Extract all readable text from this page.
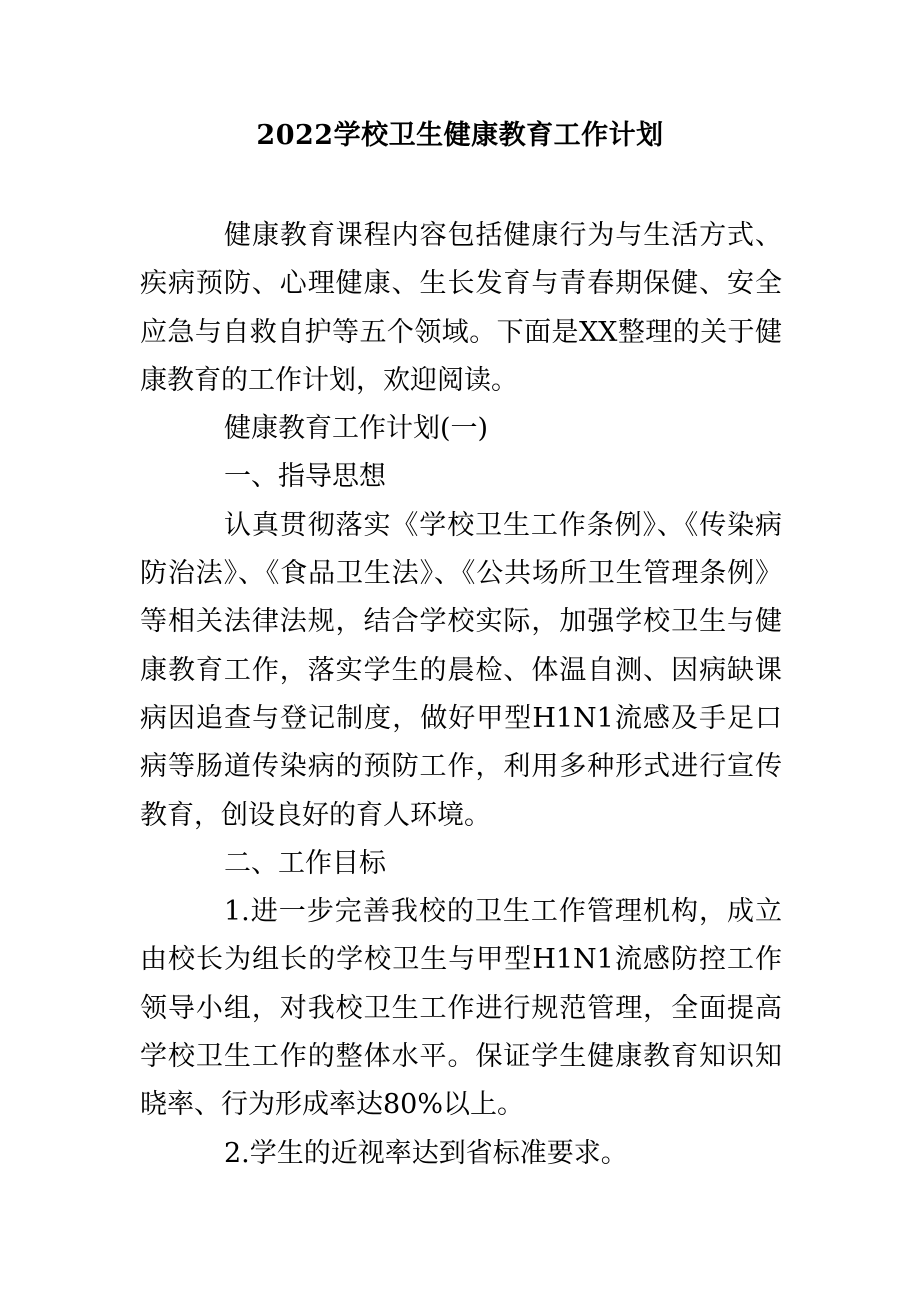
2022学校卫生健康教育工作计划

健康教育课程内容包括健康行为与生活方式、疾病预防、心理健康、生长发育与青春期保健、安全应急与自救自护等五个领域。下面是XX整理的关于健康教育的工作计划，欢迎阅读。

健康教育工作计划(一)

一、指导思想

认真贯彻落实《学校卫生工作条例》、《传染病防治法》、《食品卫生法》、《公共场所卫生管理条例》等相关法律法规，结合学校实际，加强学校卫生与健康教育工作，落实学生的晨检、体温自测、因病缺课病因追查与登记制度，做好甲型H1N1流感及手足口病等肠道传染病的预防工作，利用多种形式进行宣传教育，创设良好的育人环境。

二、工作目标

1.进一步完善我校的卫生工作管理机构，成立由校长为组长的学校卫生与甲型H1N1流感防控工作领导小组，对我校卫生工作进行规范管理，全面提高学校卫生工作的整体水平。保证学生健康教育知识知晓率、行为形成率达80%以上。

2.学生的近视率达到省标准要求。
